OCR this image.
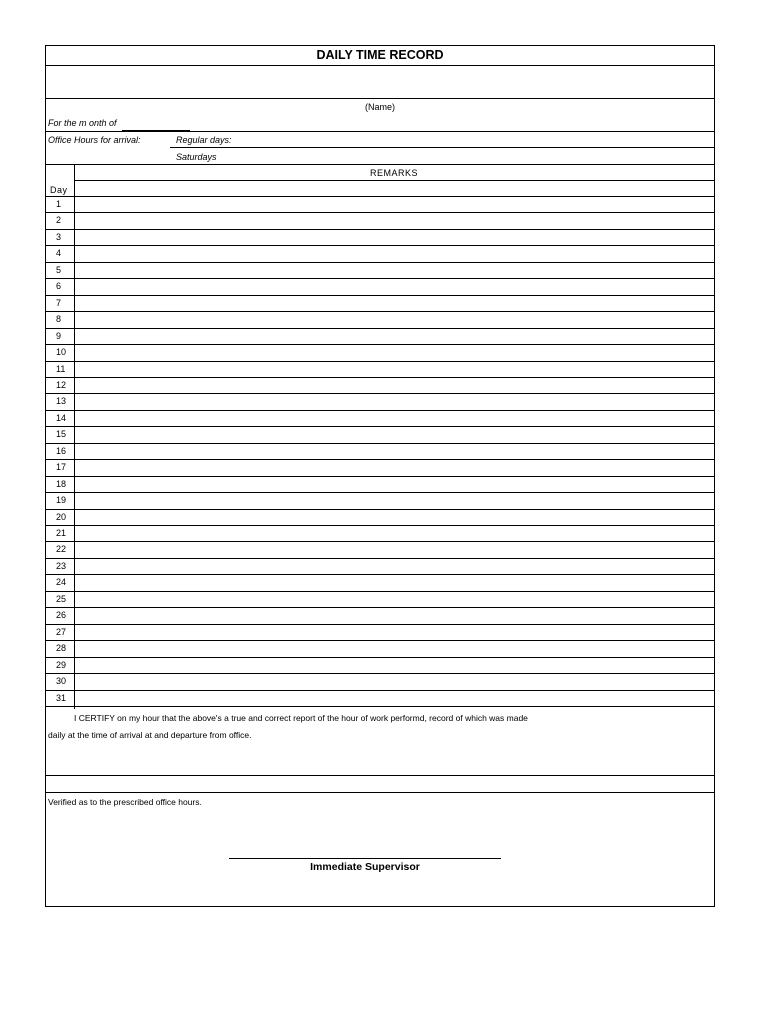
DAILY TIME RECORD
(Name)
For the m onth of
Office Hours for arrival:	Regular days:
Saturdays
REMARKS
Day
1
2
3
4
5
6
7
8
9
10
11
12
13
14
15
16
17
18
19
20
21
22
23
24
25
26
27
28
29
30
31
I CERTIFY on my hour that the above's a true and correct report of the hour of work performd, record of which was made
daily at the time of arrival at and departure from office.
Verified as to the prescribed office hours.
Immediate Supervisor
